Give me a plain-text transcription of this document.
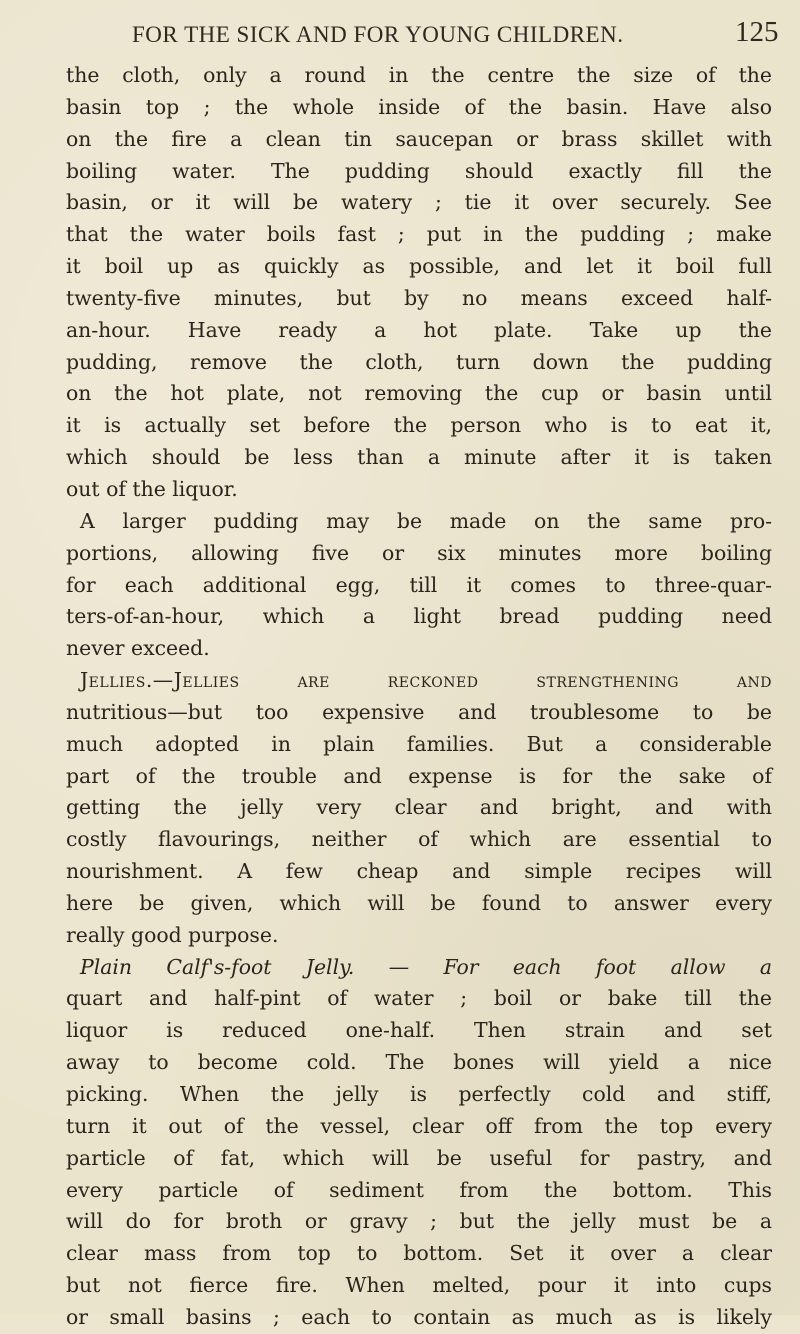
FOR THE SICK AND FOR YOUNG CHILDREN.	125
the cloth, only a round in the centre the size of the
basin top ; the whole inside of the basin. Have also
on the fire a clean tin saucepan or brass skillet with
boiling water. The pudding should exactly fill the
basin, or it will be watery ; tie it over securely. See
that the water boils fast ; put in the pudding ; make
it boil up as quickly as possible, and let it boil full
twenty-five minutes, but by no means exceed half-
an-hour. Have ready a hot plate. Take up the
pudding, remove the cloth, turn down the pudding
on the hot plate, not removing the cup or basin until
it is actually set before the person who is to eat it,
which should be less than a minute after it is taken
out of the liquor.
A larger pudding may be made on the same pro-
portions, allowing five or six minutes more boiling
for each additional egg, till it comes to three-quar-
ters-of-an-hour, which a light bread pudding need
never exceed.
Jellies.—Jellies are reckoned strengthening and
nutritious—but too expensive and troublesome to be
much adopted in plain families. But a considerable
part of the trouble and expense is for the sake of
getting the jelly very clear and bright, and with
costly flavourings, neither of which are essential to
nourishment. A few cheap and simple recipes will
here be given, which will be found to answer every
really good purpose.
Plain Calf's-foot Jelly. — For each foot allow a
quart and half-pint of water ; boil or bake till the
liquor is reduced one-half. Then strain and set
away to become cold. The bones will yield a nice
picking. When the jelly is perfectly cold and stiff,
turn it out of the vessel, clear off from the top every
particle of fat, which will be useful for pastry, and
every particle of sediment from the bottom. This
will do for broth or gravy ; but the jelly must be a
clear mass from top to bottom. Set it over a clear
but not fierce fire. When melted, pour it into cups
or small basins ; each to contain as much as is likely
